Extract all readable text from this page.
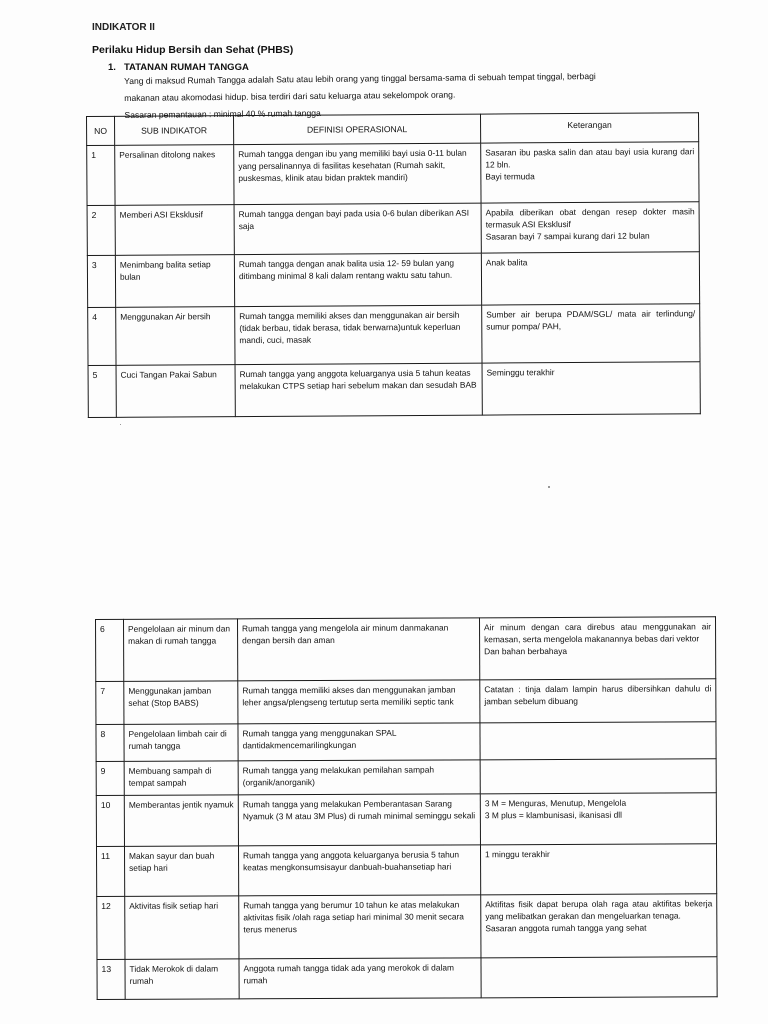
INDIKATOR II
Perilaku Hidup Bersih dan Sehat (PHBS)
1. TATANAN RUMAH TANGGA

Yang di maksud Rumah Tangga adalah Satu atau lebih orang yang tinggal bersama-sama di sebuah tempat tinggal, berbagi

makanan atau akomodasi hidup. bisa terdiri dari satu keluarga atau sekelompok orang.

Sasaran pemantauan : minimal 40 % rumah tangga

NO	SUB INDIKATOR	DEFINISI OPERASIONAL	Keterangan
1	Persalinan ditolong nakes	Rumah tangga dengan ibu yang memiliki bayi usia 0-11 bulan yang persalinannya di fasilitas kesehatan (Rumah sakit, puskesmas, klinik atau bidan praktek mandiri)	Sasaran ibu paska salin dan atau bayi usia kurang dari 12 bln.
Bayi termuda

2	Memberi ASI Eksklusif	Rumah tangga dengan bayi pada usia 0-6 bulan diberikan ASI saja	Apabila diberikan obat dengan resep dokter masih termasuk ASI Eksklusif
Sasaran bayi 7 sampai kurang dari 12 bulan

3	Menimbang balita setiap bulan	Rumah tangga dengan anak balita usia 12- 59 bulan yang ditimbang minimal 8 kali dalam rentang waktu satu tahun.	Anak balita

4	Menggunakan Air bersih	Rumah tangga memiliki akses dan menggunakan air bersih (tidak berbau, tidak berasa, tidak berwarna)untuk keperluan mandi, cuci, masak	Sumber air berupa PDAM/SGL/ mata air terlindung/ sumur pompa/ PAH,

5	Cuci Tangan Pakai Sabun	Rumah tangga yang anggota keluarganya usia 5 tahun keatas melakukan CTPS setiap hari sebelum makan dan sesudah BAB	Seminggu terakhir
6	Pengelolaan air minum dan makan di rumah tangga	Rumah tangga yang mengelola air minum danmakanan dengan bersih dan aman	Air minum dengan cara direbus atau menggunakan air kemasan, serta mengelola makanannya bebas dari vektor
Dan bahan berbahaya

7	Menggunakan jamban sehat (Stop BABS)	Rumah tangga memiliki akses dan menggunakan jamban leher angsa/plengseng tertutup serta memiliki septic tank	Catatan : tinja dalam lampin harus dibersihkan dahulu di jamban sebelum dibuang

8	Pengelolaan limbah cair di rumah tangga	Rumah tangga yang menggunakan SPAL dantidakmencemarilingkungan	
9	Membuang sampah di tempat sampah	Rumah tangga yang melakukan pemilahan sampah (organik/anorganik)	
10	Memberantas jentik nyamuk	Rumah tangga yang melakukan Pemberantasan Sarang Nyamuk (3 M atau 3M Plus) di rumah minimal seminggu sekali	3 M = Menguras, Menutup, Mengelola
3 M plus = klambunisasi, ikanisasi dll

11	Makan sayur dan buah setiap hari	Rumah tangga yang anggota keluarganya berusia 5 tahun keatas mengkonsumsisayur danbuah-buahansetiap hari	1 minggu terakhir

12	Aktivitas fisik setiap hari	Rumah tangga yang berumur 10 tahun ke atas melakukan aktivitas fisik /olah raga setiap hari minimal 30 menit secara terus menerus	Aktifitas fisik dapat berupa olah raga atau aktifitas bekerja yang melibatkan gerakan dan mengeluarkan tenaga.
Sasaran anggota rumah tangga yang sehat

13	Tidak Merokok di dalam rumah	Anggota rumah tangga tidak ada yang merokok di dalam rumah	
